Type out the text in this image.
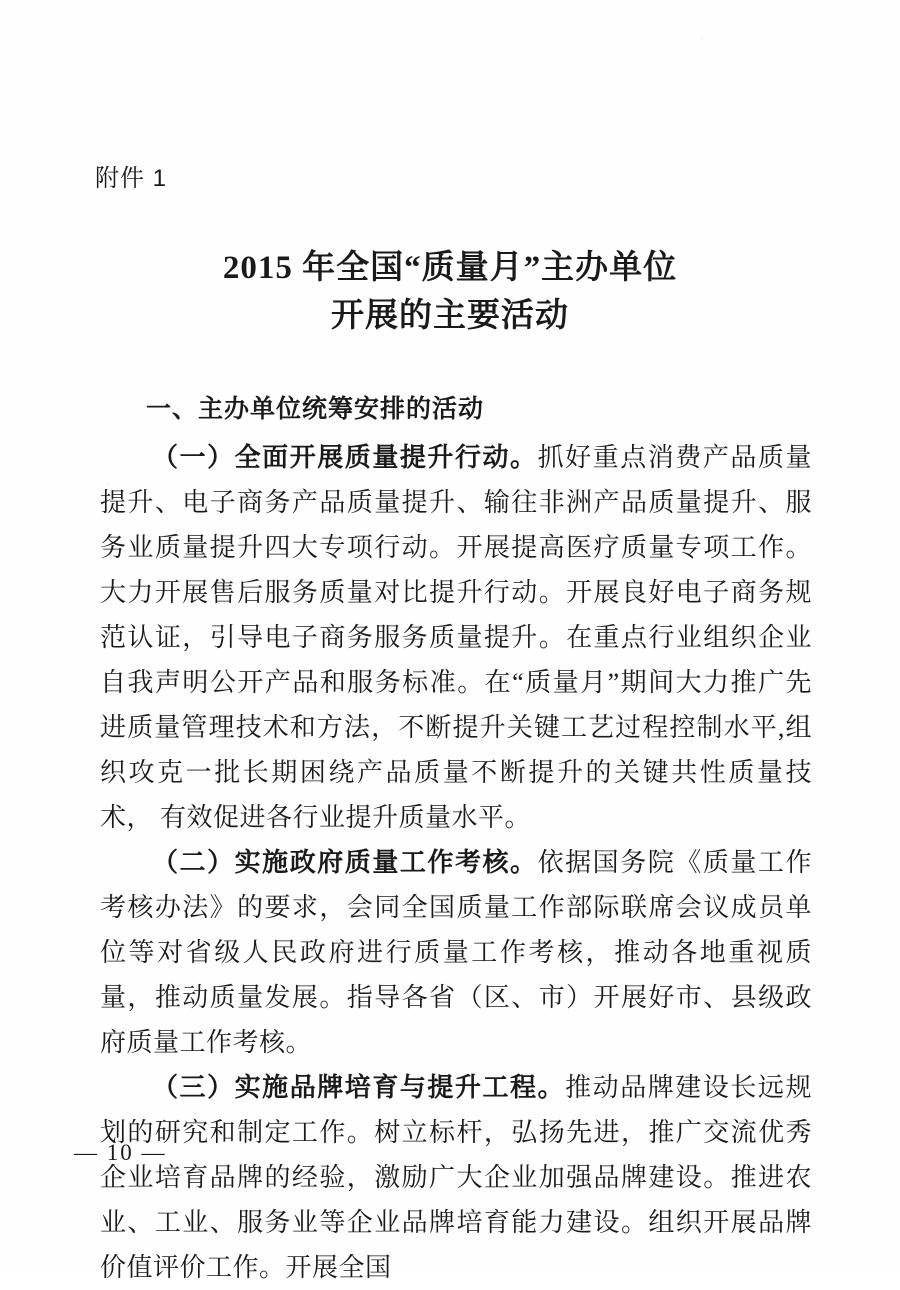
附件 1
2015 年全国“质量月”主办单位
开展的主要活动
一、主办单位统筹安排的活动

（一）全面开展质量提升行动。抓好重点消费产品质量提升、电子商务产品质量提升、输往非洲产品质量提升、服务业质量提升四大专项行动。开展提高医疗质量专项工作。大力开展售后服务质量对比提升行动。开展良好电子商务规范认证，引导电子商务服务质量提升。在重点行业组织企业自我声明公开产品和服务标准。在“质量月”期间大力推广先进质量管理技术和方法，不断提升关键工艺过程控制水平,组织攻克一批长期困绕产品质量不断提升的关键共性质量技术， 有效促进各行业提升质量水平。

（二）实施政府质量工作考核。依据国务院《质量工作考核办法》的要求，会同全国质量工作部际联席会议成员单位等对省级人民政府进行质量工作考核，推动各地重视质量，推动质量发展。指导各省（区、市）开展好市、县级政府质量工作考核。

（三）实施品牌培育与提升工程。推动品牌建设长远规划的研究和制定工作。树立标杆，弘扬先进，推广交流优秀企业培育品牌的经验，激励广大企业加强品牌建设。推进农业、工业、服务业等企业品牌培育能力建设。组织开展品牌价值评价工作。开展全国

— 10 —
